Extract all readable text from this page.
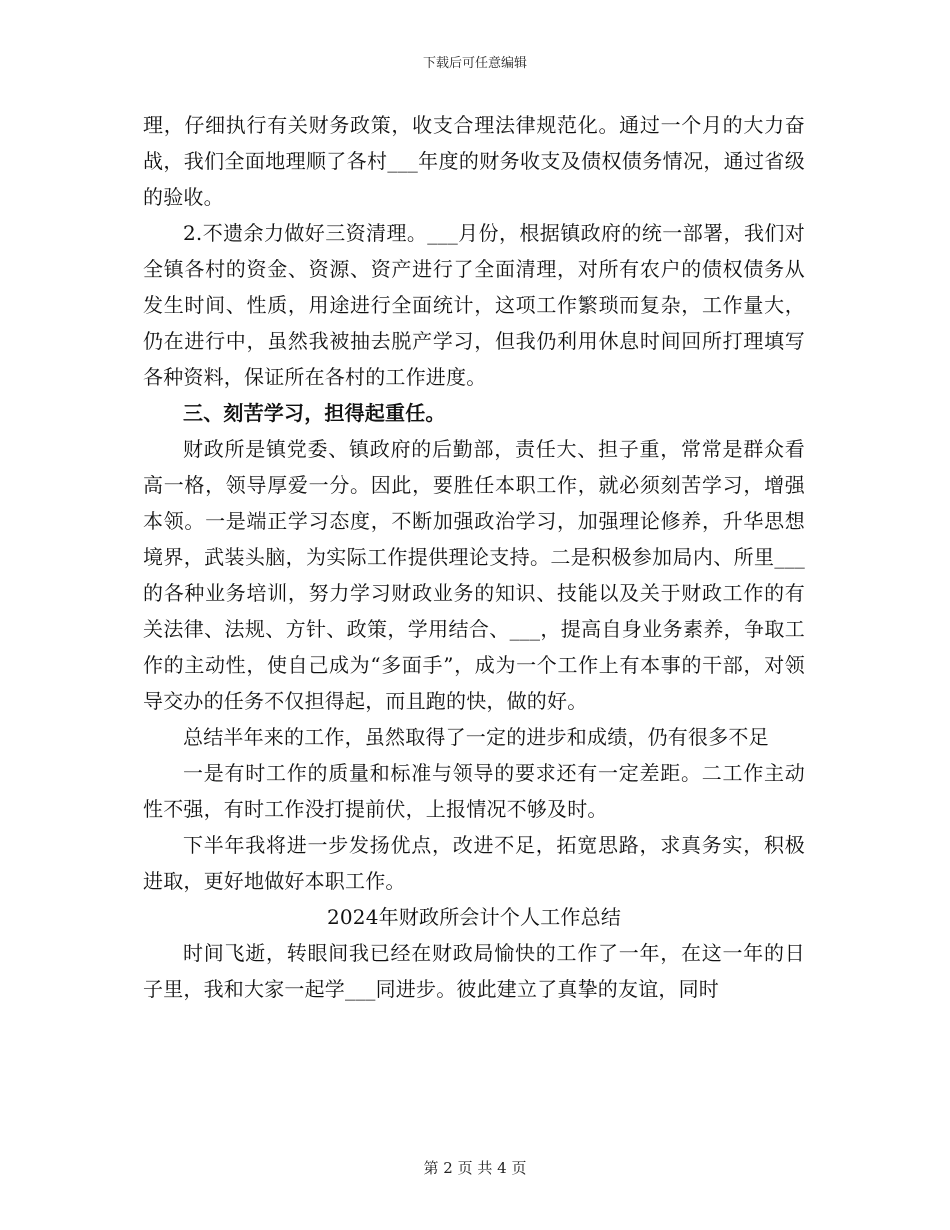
下载后可任意编辑

理，仔细执行有关财务政策，收支合理法律规范化。通过一个月的大力奋战，我们全面地理顺了各村___年度的财务收支及债权债务情况，通过省级的验收。

2.不遗余力做好三资清理。___月份，根据镇政府的统一部署，我们对全镇各村的资金、资源、资产进行了全面清理，对所有农户的债权债务从发生时间、性质，用途进行全面统计，这项工作繁琐而复杂，工作量大，仍在进行中，虽然我被抽去脱产学习，但我仍利用休息时间回所打理填写各种资料，保证所在各村的工作进度。

三、刻苦学习，担得起重任。

财政所是镇党委、镇政府的后勤部，责任大、担子重，常常是群众看高一格，领导厚爱一分。因此，要胜任本职工作，就必须刻苦学习，增强本领。一是端正学习态度，不断加强政治学习，加强理论修养，升华思想境界，武装头脑，为实际工作提供理论支持。二是积极参加局内、所里___的各种业务培训，努力学习财政业务的知识、技能以及关于财政工作的有关法律、法规、方针、政策，学用结合、___，提高自身业务素养，争取工作的主动性，使自己成为“多面手”，成为一个工作上有本事的干部，对领导交办的任务不仅担得起，而且跑的快，做的好。

总结半年来的工作，虽然取得了一定的进步和成绩，仍有很多不足

一是有时工作的质量和标准与领导的要求还有一定差距。二工作主动性不强，有时工作没打提前伏，上报情况不够及时。

下半年我将进一步发扬优点，改进不足，拓宽思路，求真务实，积极进取，更好地做好本职工作。

2024年财政所会计个人工作总结

时间飞逝，转眼间我已经在财政局愉快的工作了一年，在这一年的日子里，我和大家一起学___同进步。彼此建立了真挚的友谊，同时

第 2 页 共 4 页
